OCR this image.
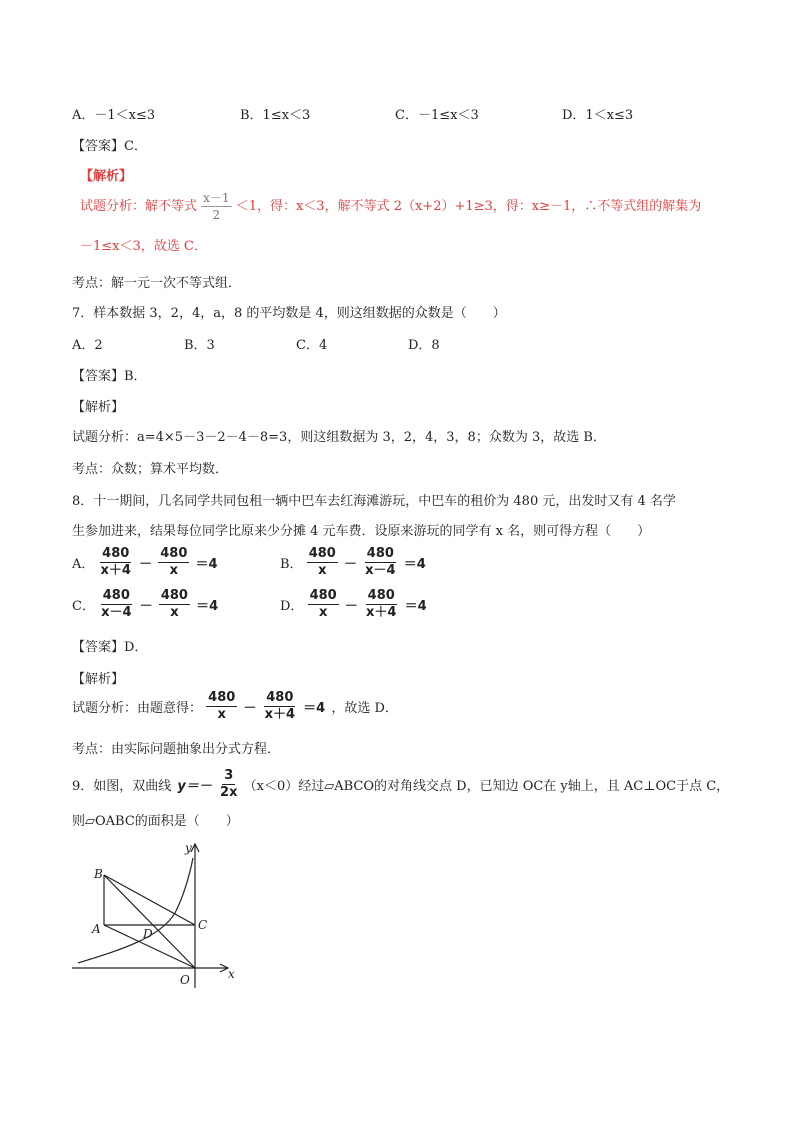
A．－1＜x≤3	B．1≤x＜3	C．－1≤x＜3	D．1＜x≤3
【答案】C．
【解析】
试题分析：解不等式 $\frac{x-1}{2} <1$，得：x＜3，解不等式 2（x+2）+1≥3，得：x≥－1，∴不等式组的解集为
－1≤x＜3，故选 C．
考点：解一元一次不等式组．
7．样本数据 3，2，4，a，8 的平均数是 4，则这组数据的众数是（　　）
A．2	B．3	C．4	D．8
【答案】B．
【解析】
试题分析：a=4×5－3－2－4－8=3，则这组数据为 3，2，4，3，8；众数为 3，故选 B．
考点：众数；算术平均数．
8．十一期间，几名同学共同包租一辆中巴车去红海滩游玩，中巴车的租价为 480 元，出发时又有 4 名学
生参加进来，结果每位同学比原来少分摊 4 元车费．设原来游玩的同学有 x 名，则可得方程（　　）
A． $\frac{480}{x+4} - \frac{480}{x} =4$	B． $\frac{480}{x} - \frac{480}{x-4} =4$
C． $\frac{480}{x-4} - \frac{480}{x} =4$	D． $\frac{480}{x} - \frac{480}{x+4} =4$
【答案】D．
【解析】
试题分析：由题意得： $\frac{480}{x} - \frac{480}{x+4} =4$ ，故选 D．
考点：由实际问题抽象出分式方程．
9．如图，双曲线 $y=- \frac{3}{2x} (x<0)$经过▱ABCO的对角线交点 D，已知边 OC在 y轴上，且 AC⊥OC于点 C，
则▱OABC的面积是（　　）
y
x
B
A	C
D
O
